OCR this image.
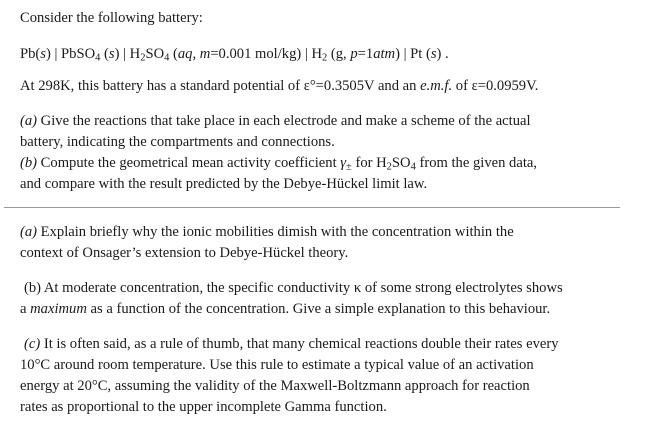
Consider the following battery:
Pb(s) | PbSO$_4$ (s) | $H_2SO_4$ (aq, m=0.001 mol/kg) | $H_2$ (g, p=1atm) | Pt (s) .
At 298K, this battery has a standard potential of ε°=0.3505V and an e.m.f. of ε=0.0959V.
(a) Give the reactions that take place in each electrode and make a scheme of the actual
battery, indicating the compartments and connections.
(b) Compute the geometrical mean activity coefficient $\gamma_\pm$ for $H_2SO_4$ from the given data,
and compare with the result predicted by the Debye-Hückel limit law.
(a) Explain briefly why the ionic mobilities dimish with the concentration within the
context of Onsager’s extension to Debye-Hückel theory.
(b) At moderate concentration, the specific conductivity κ of some strong electrolytes shows
a maximum as a function of the concentration. Give a simple explanation to this behaviour.
(c) It is often said, as a rule of thumb, that many chemical reactions double their rates every
10°C around room temperature. Use this rule to estimate a typical value of an activation
energy at 20°C, assuming the validity of the Maxwell-Boltzmann approach for reaction
rates as proportional to the upper incomplete Gamma function.
